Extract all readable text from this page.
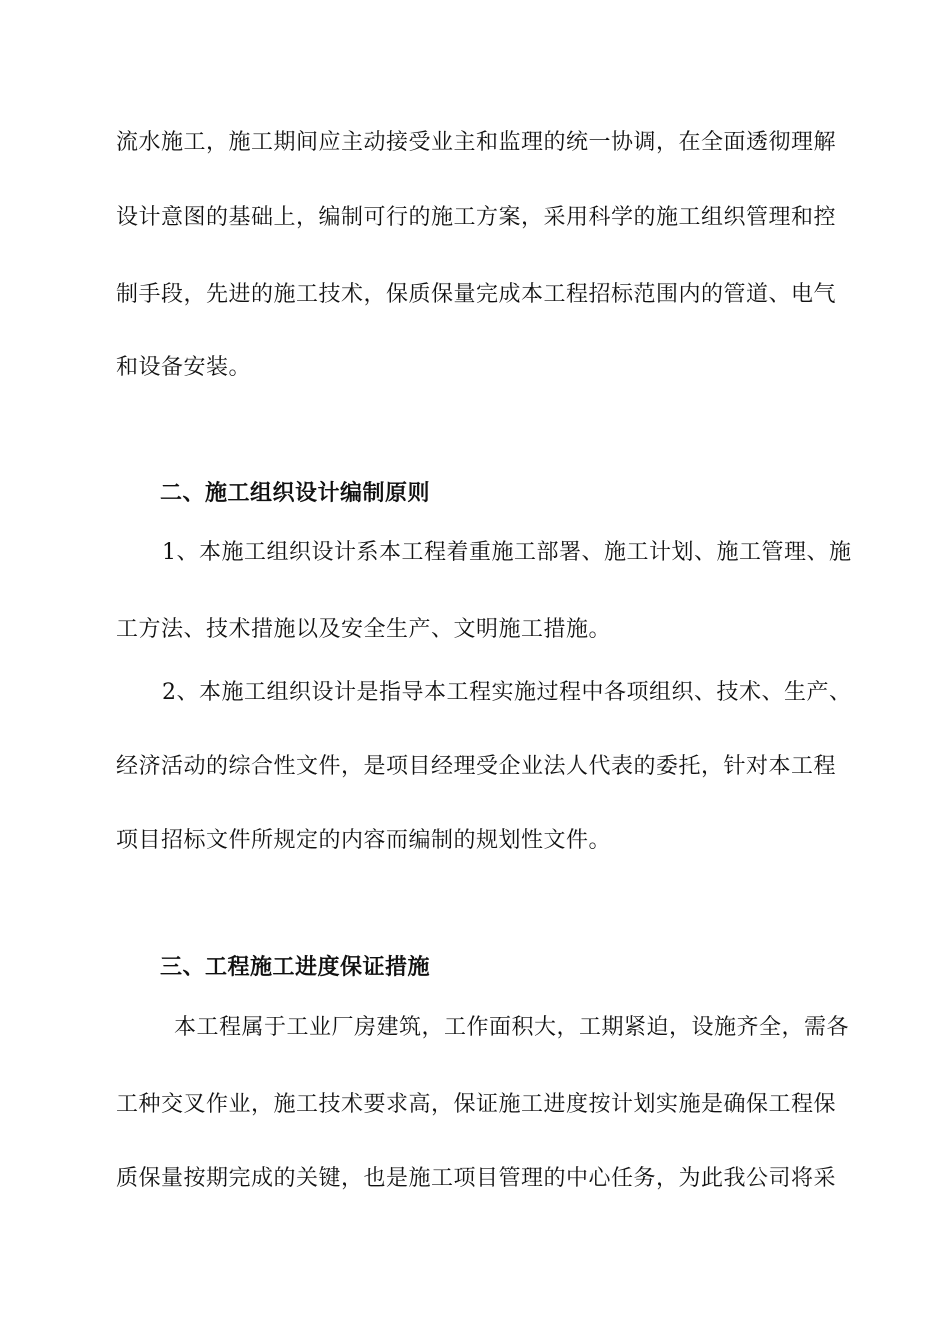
流水施工，施工期间应主动接受业主和监理的统一协调，在全面透彻理解
设计意图的基础上，编制可行的施工方案，采用科学的施工组织管理和控
制手段，先进的施工技术，保质保量完成本工程招标范围内的管道、电气
和设备安装。
二、施工组织设计编制原则
1、本施工组织设计系本工程着重施工部署、施工计划、施工管理、施
工方法、技术措施以及安全生产、文明施工措施。
2、本施工组织设计是指导本工程实施过程中各项组织、技术、生产、
经济活动的综合性文件，是项目经理受企业法人代表的委托，针对本工程
项目招标文件所规定的内容而编制的规划性文件。
三、工程施工进度保证措施
本工程属于工业厂房建筑，工作面积大，工期紧迫，设施齐全，需各
工种交叉作业，施工技术要求高，保证施工进度按计划实施是确保工程保
质保量按期完成的关键，也是施工项目管理的中心任务，为此我公司将采
